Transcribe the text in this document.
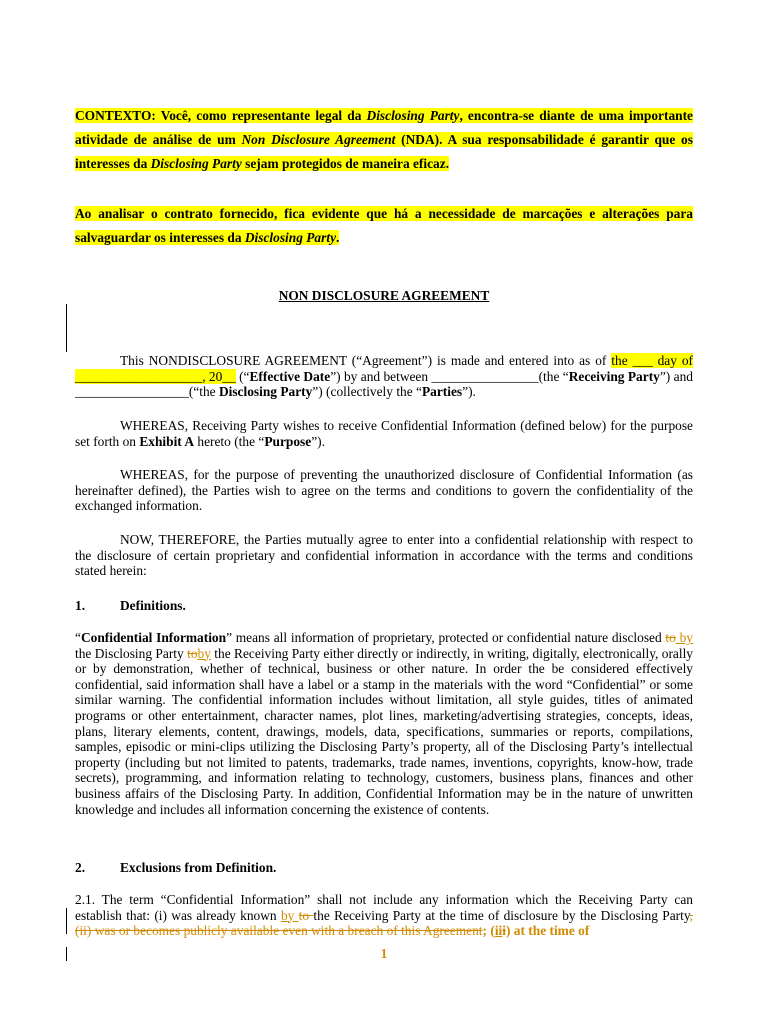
CONTEXTO: Você, como representante legal da Disclosing Party, encontra-se diante de uma importante atividade de análise de um Non Disclosure Agreement (NDA). A sua responsabilidade é garantir que os interesses da Disclosing Party sejam protegidos de maneira eficaz.

Ao analisar o contrato fornecido, fica evidente que há a necessidade de marcações e alterações para salvaguardar os interesses da Disclosing Party.

NON DISCLOSURE AGREEMENT

This NONDISCLOSURE AGREEMENT (“Agreement”) is made and entered into as of the ___ day of ___________________, 20__ (“Effective Date”) by and between ________________(the “Receiving Party”) and _________________(“the Disclosing Party”) (collectively the “Parties”).

WHEREAS, Receiving Party wishes to receive Confidential Information (defined below) for the purpose set forth on Exhibit A hereto (the “Purpose”).

WHEREAS, for the purpose of preventing the unauthorized disclosure of Confidential Information (as hereinafter defined), the Parties wish to agree on the terms and conditions to govern the confidentiality of the exchanged information.

NOW, THEREFORE, the Parties mutually agree to enter into a confidential relationship with respect to the disclosure of certain proprietary and confidential information in accordance with the terms and conditions stated herein:

1.	Definitions.

“Confidential Information” means all information of proprietary, protected or confidential nature disclosed to by the Disclosing Party toby the Receiving Party either directly or indirectly, in writing, digitally, electronically, orally or by demonstration, whether of technical, business or other nature. In order the be considered effectively confidential, said information shall have a label or a stamp in the materials with the word “Confidential” or some similar warning. The confidential information includes without limitation, all style guides, titles of animated programs or other entertainment, character names, plot lines, marketing/advertising strategies, concepts, ideas, plans, literary elements, content, drawings, models, data, specifications, summaries or reports, compilations, samples, episodic or mini-clips utilizing the Disclosing Party’s property, all of the Disclosing Party’s intellectual property (including but not limited to patents, trademarks, trade names, inventions, copyrights, know-how, trade secrets), programming, and information relating to technology, customers, business plans, finances and other business affairs of the Disclosing Party. In addition, Confidential Information may be in the nature of unwritten knowledge and includes all information concerning the existence of contents.

2.	Exclusions from Definition.

2.1. The term “Confidential Information” shall not include any information which the Receiving Party can establish that: (i) was already known by to the Receiving Party at the time of disclosure by the Disclosing Party, (ii) was or becomes publicly available even with a breach of this Agreement; (iii) at the time of

1
